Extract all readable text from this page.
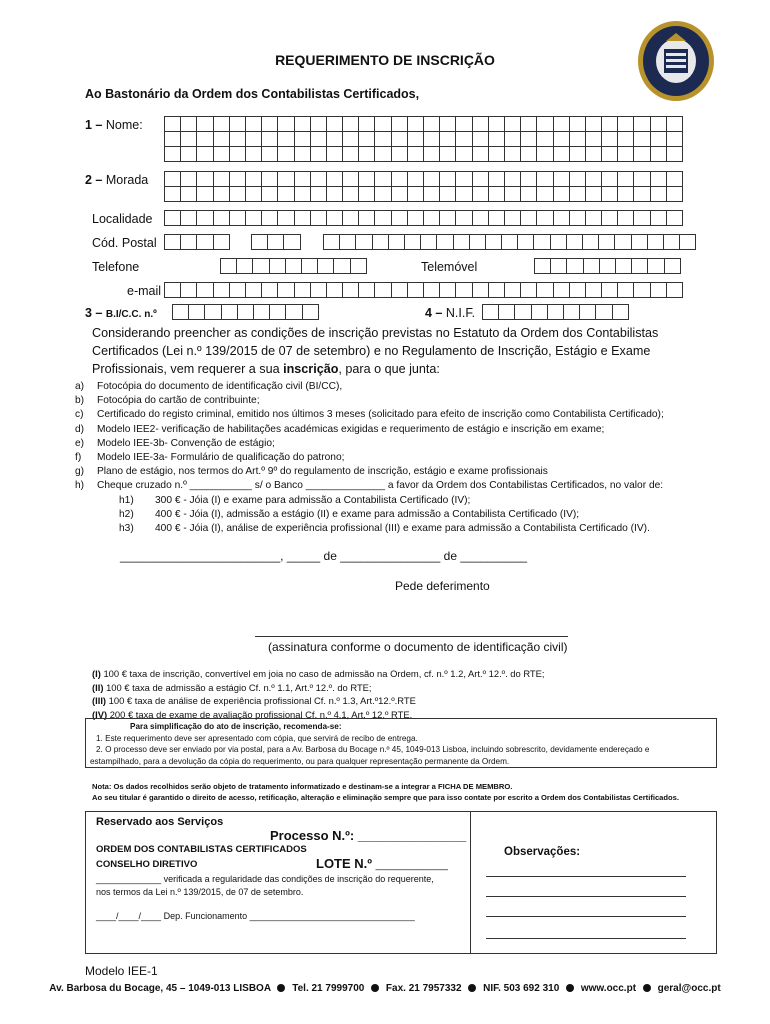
REQUERIMENTO DE INSCRIÇÃO
Ao Bastonário da Ordem dos Contabilistas Certificados,
1 – Nome:
2 – Morada
Localidade
Cód. Postal
Telefone	Telemóvel
e-mail
3 – B.I/C.C. n.º	4 – N.I.F.
Considerando preencher as condições de inscrição previstas no Estatuto da Ordem dos Contabilistas Certificados (Lei n.º 139/2015 de 07 de setembro) e no Regulamento de Inscrição, Estágio e Exame Profissionais, vem requerer a sua inscrição, para o que junta:
a)	Fotocópia do documento de identificação civil (BI/CC),
b)	Fotocópia do cartão de contribuinte;
c)	Certificado do registo criminal, emitido nos últimos 3 meses (solicitado para efeito de inscrição como Contabilista Certificado);
d)	Modelo IEE2- verificação de habilitações académicas exigidas e requerimento de estágio e inscrição em exame;
e)	Modelo IEE-3b- Convenção de estágio;
f)	Modelo IEE-3a- Formulário de qualificação do patrono;
g)	Plano de estágio, nos termos do Art.º 9º do regulamento de inscrição, estágio e exame profissionais
h)	Cheque cruzado n.º ___________ s/ o Banco ______________ a favor da Ordem dos Contabilistas Certificados, no valor de:
h1)	300 € - Jóia (I) e exame para admissão a Contabilista Certificado (IV);
h2)	400 € - Jóia (I), admissão a estágio (II) e exame para admissão a Contabilista Certificado (IV);
h3)	400 € - Jóia (I), análise de experiência profissional (III) e exame para admissão a Contabilista Certificado (IV).
________________________, _____ de _______________ de __________
Pede deferimento
(assinatura conforme o documento de identificação civil)
(I) 100 € taxa de inscrição, convertível em joia no caso de admissão na Ordem, cf. n.º 1.2, Art.º 12.º. do RTE;
(II) 100 € taxa de admissão a estágio Cf. n.º 1.1, Art.º 12.º. do RTE;
(III) 100 € taxa de análise de experiência profissional Cf. n.º 1.3, Art.º12.º.RTE
(IV) 200 € taxa de exame de avaliação profissional Cf. n.º 4.1, Art.º 12.º RTE.
Para simplificação do ato de inscrição, recomenda-se:
1. Este requerimento deve ser apresentado com cópia, que servirá de recibo de entrega.
2. O processo deve ser enviado por via postal, para a Av. Barbosa du Bocage n.º 45, 1049-013 Lisboa, incluindo sobrescrito, devidamente endereçado e
estampilhado, para a devolução da cópia do requerimento, ou para qualquer representação permanente da Ordem.
Nota: Os dados recolhidos serão objeto de tratamento informatizado e destinam-se a integrar a FICHA DE MEMBRO.
Ao seu titular é garantido o direito de acesso, retificação, alteração e eliminação sempre que para isso contate por escrito a Ordem dos Contabilistas Certificados.
Reservado aos Serviços
Processo N.º: _______________
ORDEM DOS CONTABILISTAS CERTIFICADOS
CONSELHO DIRETIVO	LOTE N.º _____________
_____________ verificada a regularidade das condições de inscrição do requerente,
nos termos da Lei n.º 139/2015, de 07 de setembro.
____/____/____ Dep. Funcionamento _________________________________
Observações:
Modelo IEE-1
Av. Barbosa du Bocage, 45 – 1049-013 LISBOA Tel. 21 7999700 Fax. 21 7957332 NIF. 503 692 310 www.occ.pt geral@occ.pt
